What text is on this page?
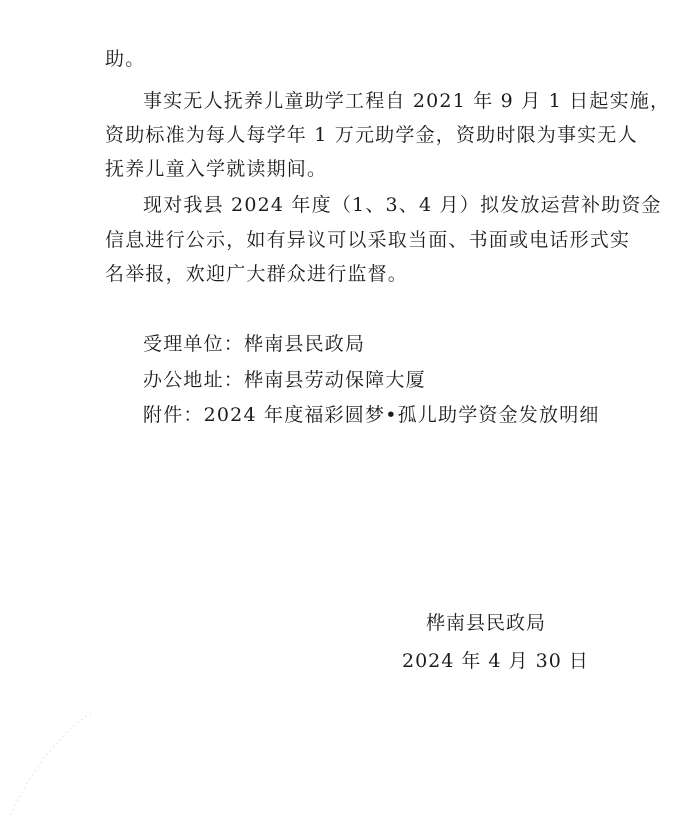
助。
事实无人抚养儿童助学工程自 2021 年 9 月 1 日起实施，
资助标准为每人每学年 1 万元助学金，资助时限为事实无人
抚养儿童入学就读期间。
现对我县 2024 年度（1、3、4 月）拟发放运营补助资金
信息进行公示，如有异议可以采取当面、书面或电话形式实
名举报，欢迎广大群众进行监督。
受理单位：桦南县民政局
办公地址：桦南县劳动保障大厦
附件：2024 年度福彩圆梦•孤儿助学资金发放明细
桦南县民政局
2024 年 4 月 30 日
